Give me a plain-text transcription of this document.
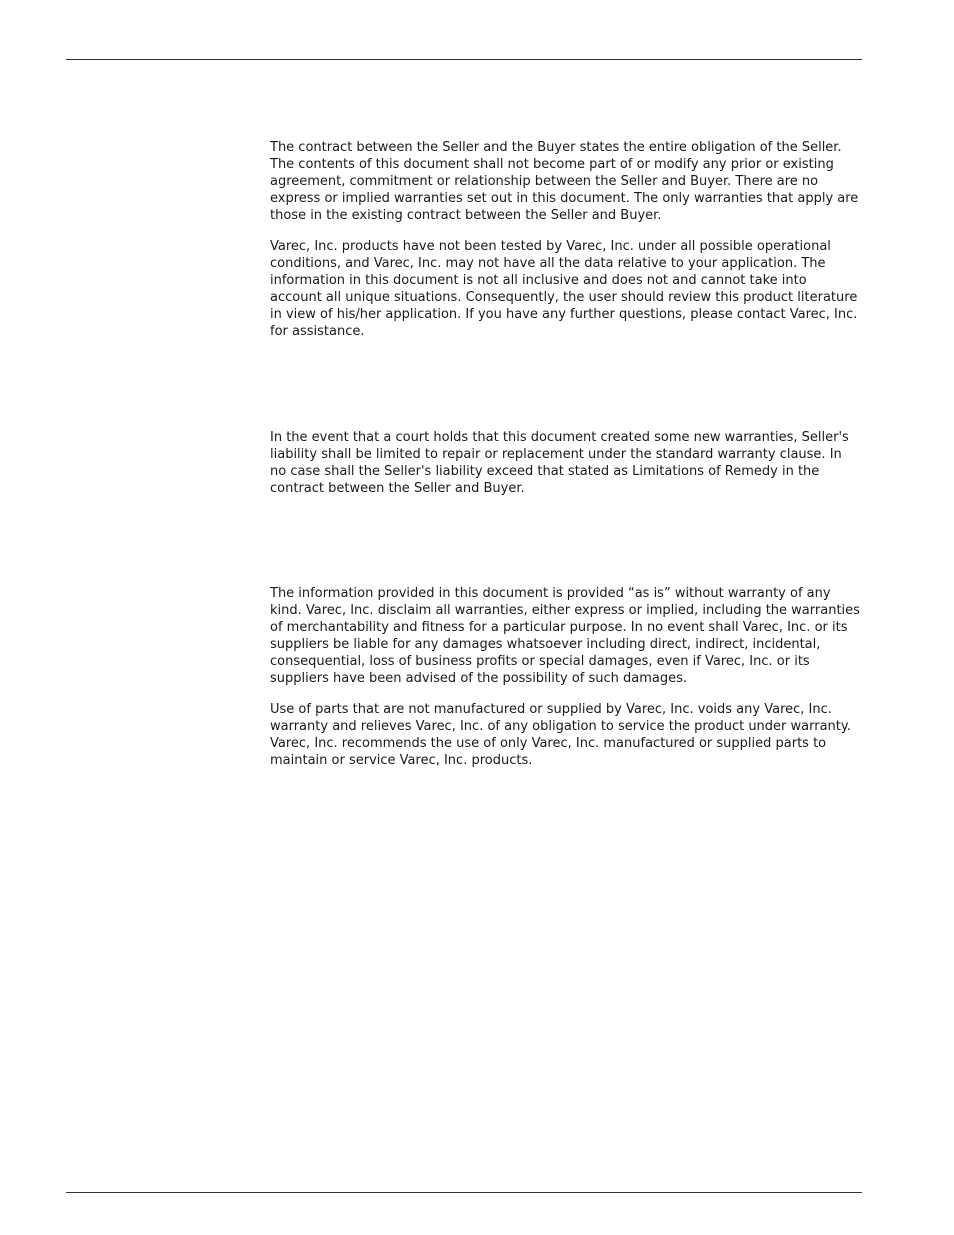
The contract between the Seller and the Buyer states the entire obligation of the Seller. The contents of this document shall not become part of or modify any prior or existing agreement, commitment or relationship between the Seller and Buyer. There are no express or implied warranties set out in this document. The only warranties that apply are those in the existing contract between the Seller and Buyer.

Varec, Inc. products have not been tested by Varec, Inc. under all possible operational conditions, and Varec, Inc. may not have all the data relative to your application. The information in this document is not all inclusive and does not and cannot take into account all unique situations. Consequently, the user should review this product literature in view of his/her application. If you have any further questions, please contact Varec, Inc. for assistance.

In the event that a court holds that this document created some new warranties, Seller's liability shall be limited to repair or replacement under the standard warranty clause. In no case shall the Seller's liability exceed that stated as Limitations of Remedy in the contract between the Seller and Buyer.

The information provided in this document is provided “as is” without warranty of any kind. Varec, Inc. disclaim all warranties, either express or implied, including the warranties of merchantability and fitness for a particular purpose. In no event shall Varec, Inc. or its suppliers be liable for any damages whatsoever including direct, indirect, incidental, consequential, loss of business profits or special damages, even if Varec, Inc. or its suppliers have been advised of the possibility of such damages.

Use of parts that are not manufactured or supplied by Varec, Inc. voids any Varec, Inc. warranty and relieves Varec, Inc. of any obligation to service the product under warranty. Varec, Inc. recommends the use of only Varec, Inc. manufactured or supplied parts to maintain or service Varec, Inc. products.
